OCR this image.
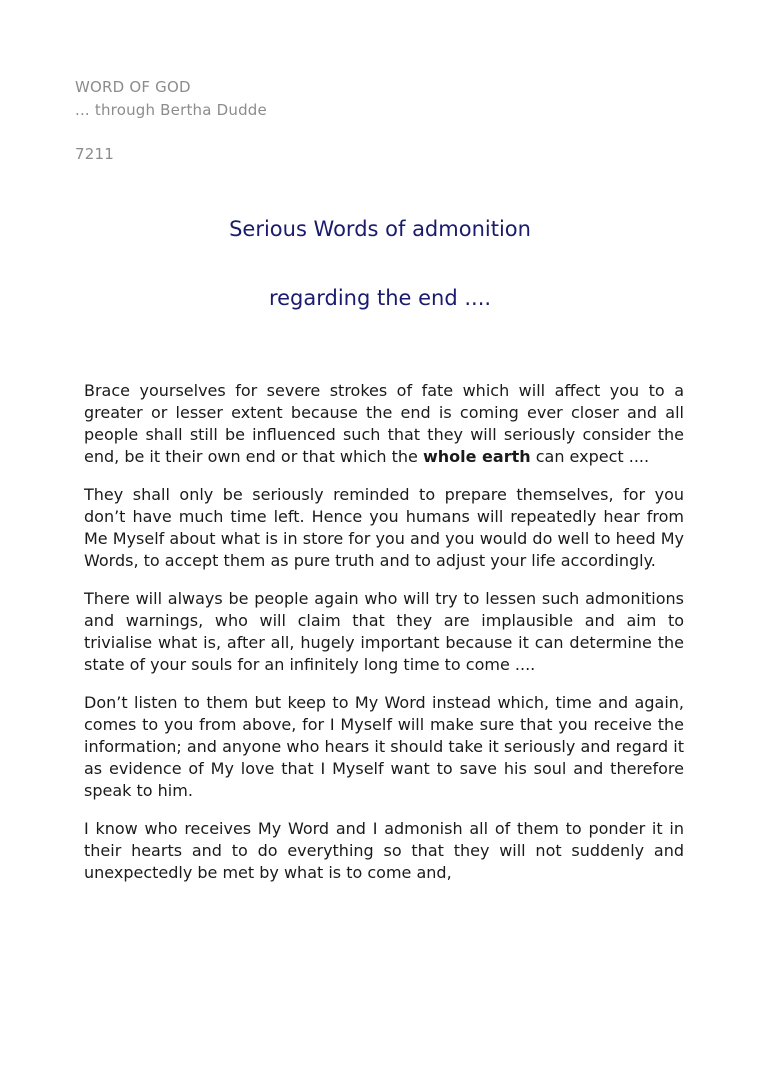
WORD OF GOD
... through Bertha Dudde
7211
Serious Words of admonition
regarding the end ....

Brace yourselves for severe strokes of fate which will affect you to a greater or lesser extent because the end is coming ever closer and all people shall still be influenced such that they will seriously consider the end, be it their own end or that which the whole earth can expect ....

They shall only be seriously reminded to prepare themselves, for you don’t have much time left. Hence you humans will repeatedly hear from Me Myself about what is in store for you and you would do well to heed My Words, to accept them as pure truth and to adjust your life accordingly.

There will always be people again who will try to lessen such admonitions and warnings, who will claim that they are implausible and aim to trivialise what is, after all, hugely important because it can determine the state of your souls for an infinitely long time to come ....

Don’t listen to them but keep to My Word instead which, time and again, comes to you from above, for I Myself will make sure that you receive the information; and anyone who hears it should take it seriously and regard it as evidence of My love that I Myself want to save his soul and therefore speak to him.

I know who receives My Word and I admonish all of them to ponder it in their hearts and to do everything so that they will not suddenly and unexpectedly be met by what is to come and,
